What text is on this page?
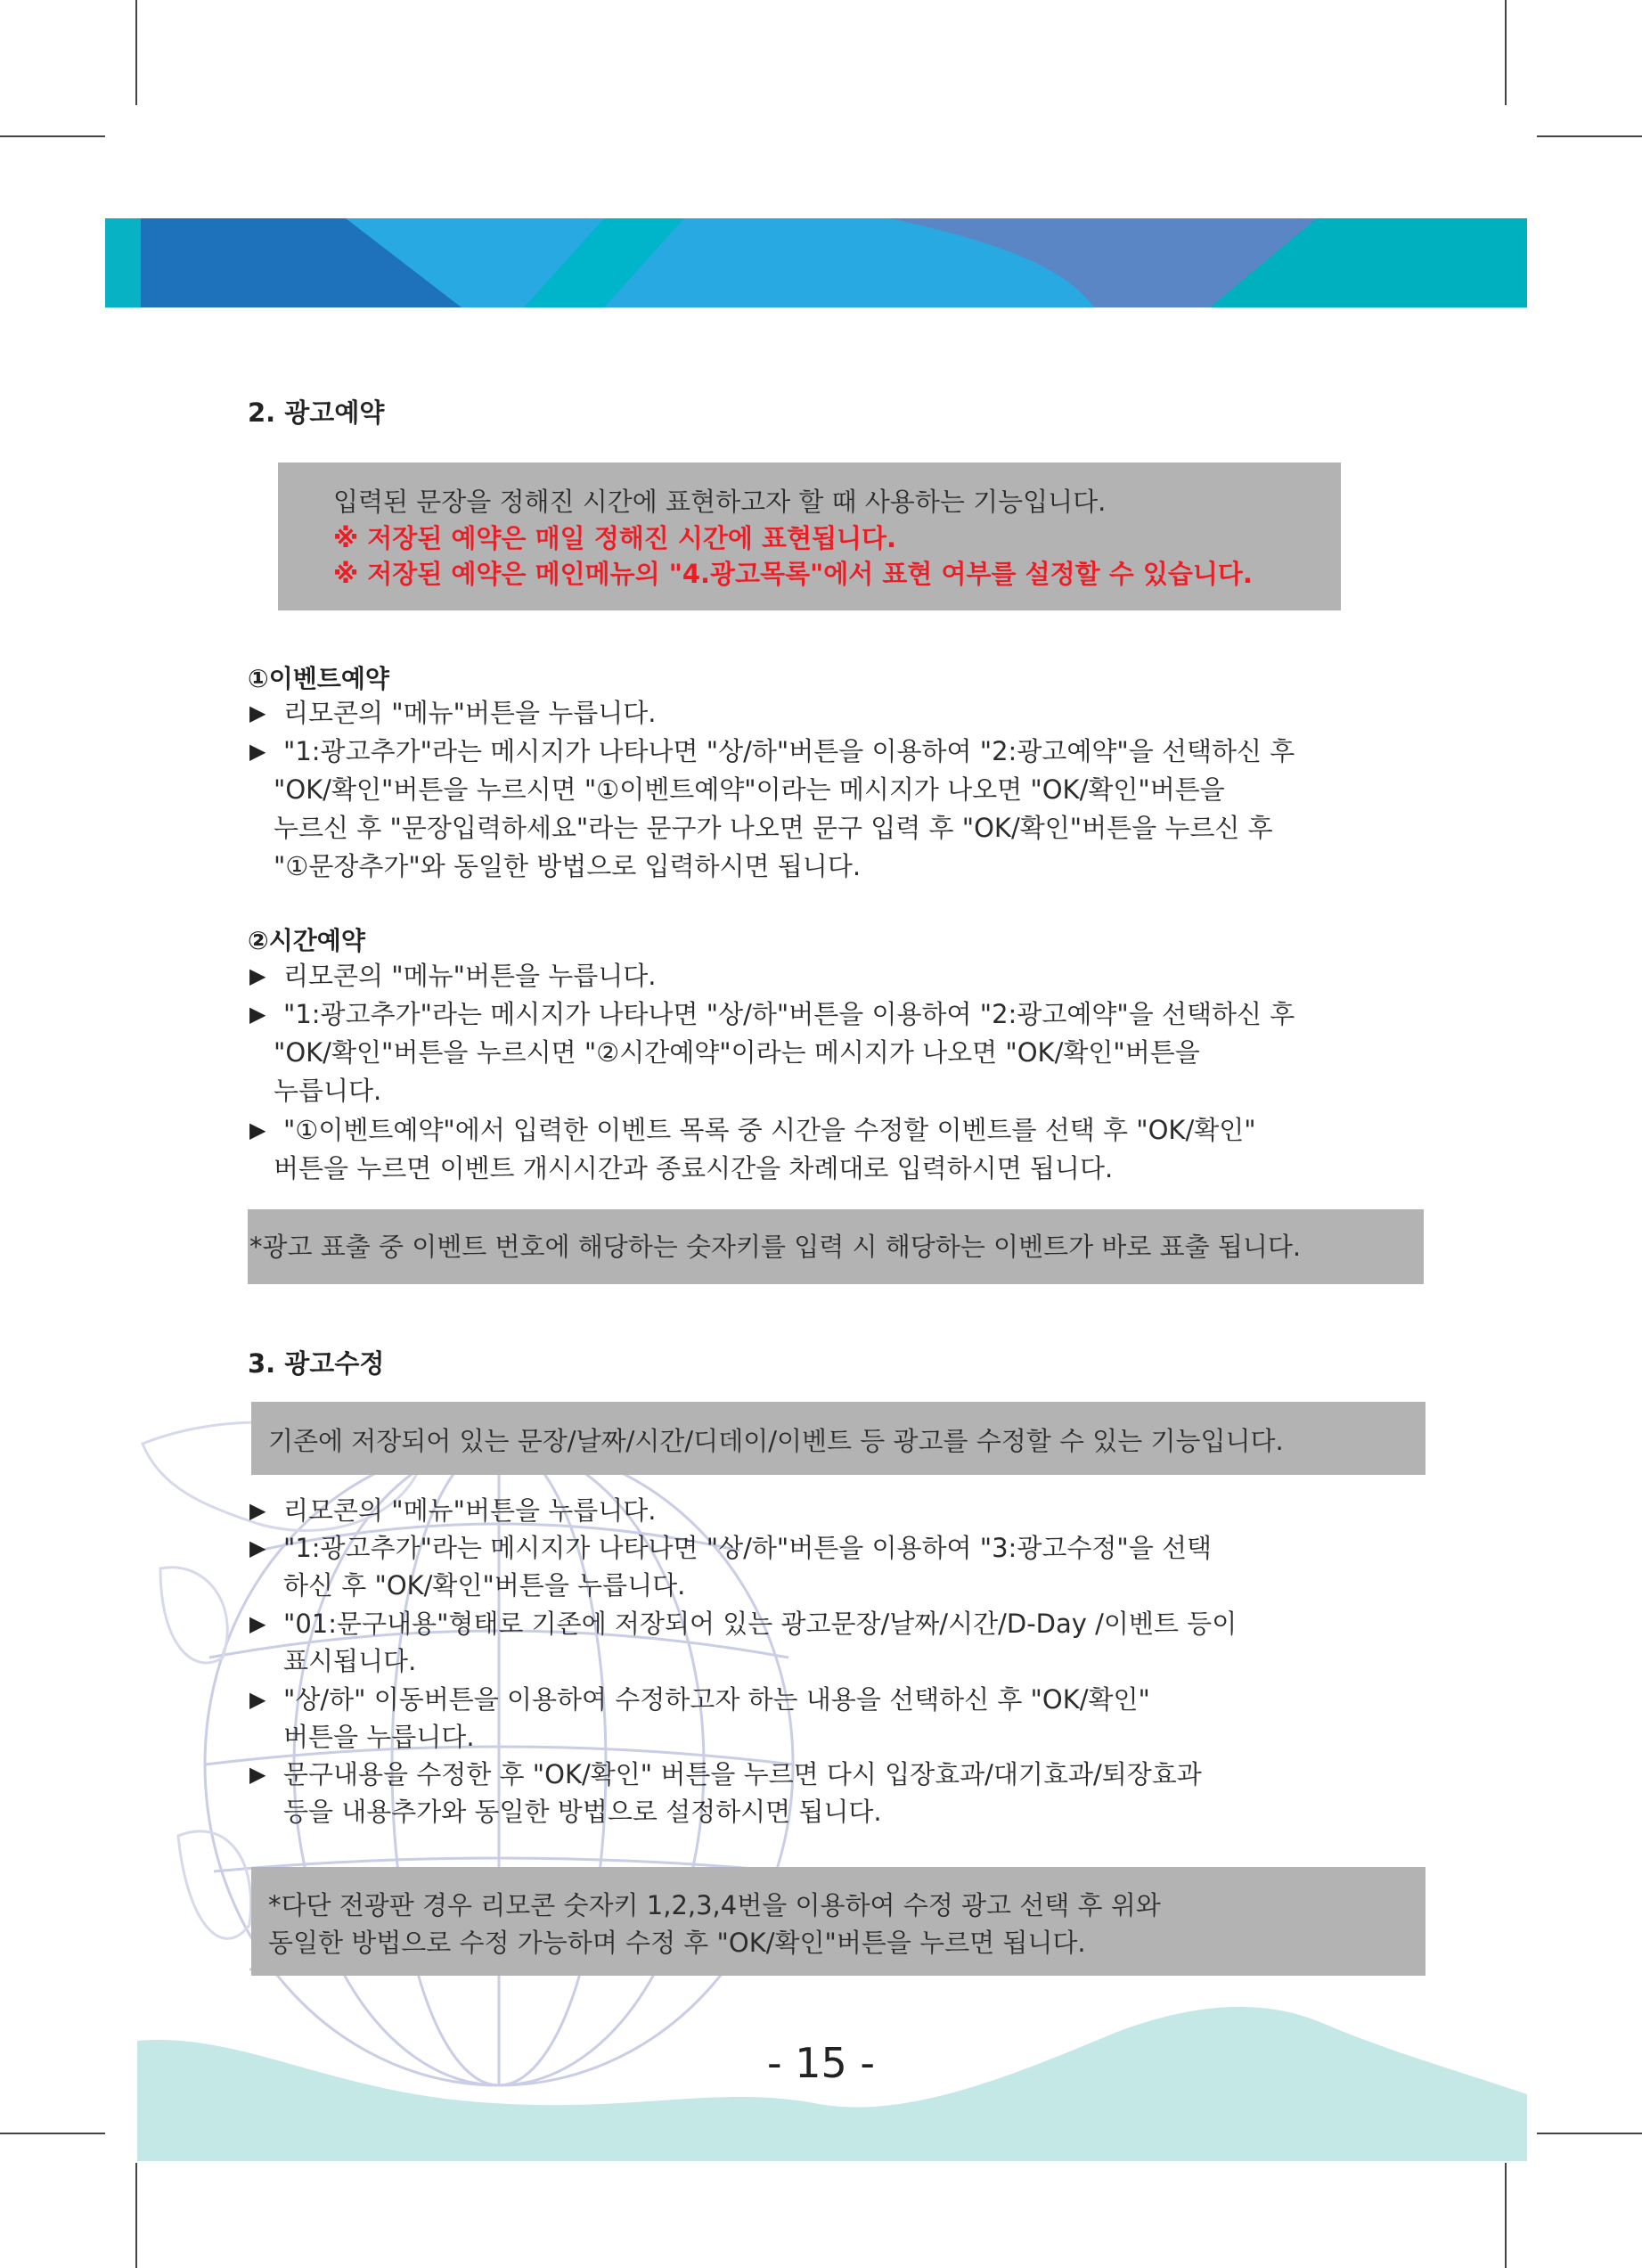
2. 광고예약
입력된 문장을 정해진 시간에 표현하고자 할 때 사용하는 기능입니다.
※ 저장된 예약은 매일 정해진 시간에 표현됩니다.
※ 저장된 예약은 메인메뉴의 "4.광고목록"에서 표현 여부를 설정할 수 있습니다.
①이벤트예약
▶ 리모콘의 "메뉴"버튼을 누릅니다.
▶ "1:광고추가"라는 메시지가 나타나면 "상/하"버튼을 이용하여 "2:광고예약"을 선택하신 후
"OK/확인"버튼을 누르시면 "①이벤트예약"이라는 메시지가 나오면 "OK/확인"버튼을
누르신 후 "문장입력하세요"라는 문구가 나오면 문구 입력 후 "OK/확인"버튼을 누르신 후
"①문장추가"와 동일한 방법으로 입력하시면 됩니다.
②시간예약
▶ 리모콘의 "메뉴"버튼을 누릅니다.
▶ "1:광고추가"라는 메시지가 나타나면 "상/하"버튼을 이용하여 "2:광고예약"을 선택하신 후
"OK/확인"버튼을 누르시면 "②시간예약"이라는 메시지가 나오면 "OK/확인"버튼을
누릅니다.
▶ "①이벤트예약"에서 입력한 이벤트 목록 중 시간을 수정할 이벤트를 선택 후 "OK/확인"
버튼을 누르면 이벤트 개시시간과 종료시간을 차례대로 입력하시면 됩니다.
*광고 표출 중 이벤트 번호에 해당하는 숫자키를 입력 시 해당하는 이벤트가 바로 표출 됩니다.
3. 광고수정
기존에 저장되어 있는 문장/날짜/시간/디데이/이벤트 등 광고를 수정할 수 있는 기능입니다.
▶ 리모콘의 "메뉴"버튼을 누릅니다.
▶ "1:광고추가"라는 메시지가 나타나면 "상/하"버튼을 이용하여 "3:광고수정"을 선택
하신 후 "OK/확인"버튼을 누릅니다.
▶ "01:문구내용"형태로 기존에 저장되어 있는 광고문장/날짜/시간/D-Day /이벤트 등이
표시됩니다.
▶ "상/하" 이동버튼을 이용하여 수정하고자 하는 내용을 선택하신 후 "OK/확인"
버튼을 누릅니다.
▶ 문구내용을 수정한 후 "OK/확인" 버튼을 누르면 다시 입장효과/대기효과/퇴장효과
등을 내용추가와 동일한 방법으로 설정하시면 됩니다.
*다단 전광판 경우 리모콘 숫자키 1,2,3,4번을 이용하여 수정 광고 선택 후 위와
동일한 방법으로 수정 가능하며 수정 후 "OK/확인"버튼을 누르면 됩니다.
- 15 -
